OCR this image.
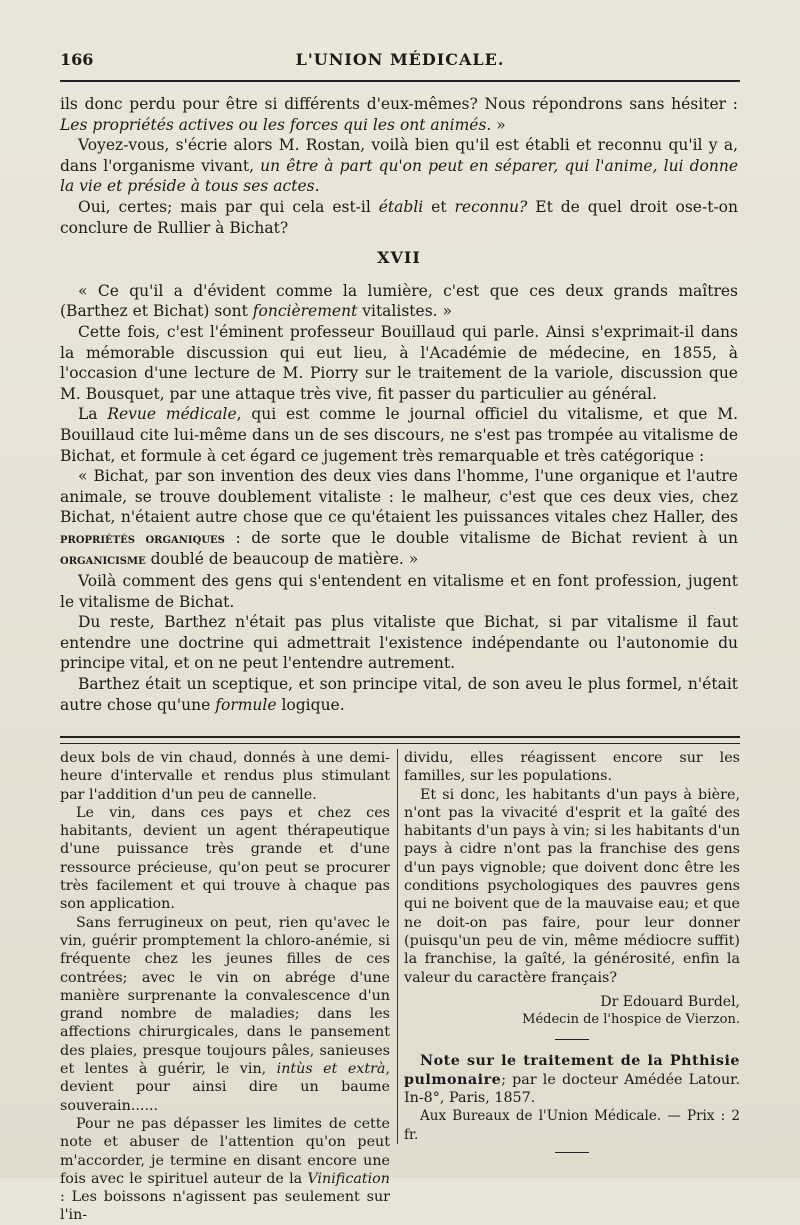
166	L'UNION MÉDICALE.

ils donc perdu pour être si différents d'eux-mêmes? Nous répondrons sans hésiter : Les propriétés actives ou les forces qui les ont animés. »

Voyez-vous, s'écrie alors M. Rostan, voilà bien qu'il est établi et reconnu qu'il y a, dans l'organisme vivant, un être à part qu'on peut en séparer, qui l'anime, lui donne la vie et préside à tous ses actes.

Oui, certes; mais par qui cela est-il établi et reconnu? Et de quel droit ose-t-on conclure de Rullier à Bichat?

XVII

« Ce qu'il a d'évident comme la lumière, c'est que ces deux grands maîtres (Barthez et Bichat) sont foncièrement vitalistes. »

Cette fois, c'est l'éminent professeur Bouillaud qui parle. Ainsi s'exprimait-il dans la mémorable discussion qui eut lieu, à l'Académie de médecine, en 1855, à l'occasion d'une lecture de M. Piorry sur le traitement de la variole, discussion que M. Bousquet, par une attaque très vive, fit passer du particulier au général.

La Revue médicale, qui est comme le journal officiel du vitalisme, et que M. Bouillaud cite lui-même dans un de ses discours, ne s'est pas trompée au vitalisme de Bichat, et formule à cet égard ce jugement très remarquable et très catégorique :

« Bichat, par son invention des deux vies dans l'homme, l'une organique et l'autre animale, se trouve doublement vitaliste : le malheur, c'est que ces deux vies, chez Bichat, n'étaient autre chose que ce qu'étaient les puissances vitales chez Haller, des propriétés organiques : de sorte que le double vitalisme de Bichat revient à un organicisme doublé de beaucoup de matière. »

Voilà comment des gens qui s'entendent en vitalisme et en font profession, jugent le vitalisme de Bichat.

Du reste, Barthez n'était pas plus vitaliste que Bichat, si par vitalisme il faut entendre une doctrine qui admettrait l'existence indépendante ou l'autonomie du principe vital, et on ne peut l'entendre autrement.

Barthez était un sceptique, et son principe vital, de son aveu le plus formel, n'était autre chose qu'une formule logique.

deux bols de vin chaud, donnés à une demi-heure d'intervalle et rendus plus stimulant par l'addition d'un peu de cannelle.

Le vin, dans ces pays et chez ces habitants, devient un agent thérapeutique d'une puissance très grande et d'une ressource précieuse, qu'on peut se procurer très facilement et qui trouve à chaque pas son application.

Sans ferrugineux on peut, rien qu'avec le vin, guérir promptement la chloro-anémie, si fréquente chez les jeunes filles de ces contrées; avec le vin on abrége d'une manière surprenante la convalescence d'un grand nombre de maladies; dans les affections chirurgicales, dans le pansement des plaies, presque toujours pâles, sanieuses et lentes à guérir, le vin, intùs et extrà, devient pour ainsi dire un baume souverain......

Pour ne pas dépasser les limites de cette note et abuser de l'attention qu'on peut m'accorder, je termine en disant encore une fois avec le spirituel auteur de la Vinification : Les boissons n'agissent pas seulement sur l'in-

dividu, elles réagissent encore sur les familles, sur les populations.

Et si donc, les habitants d'un pays à bière, n'ont pas la vivacité d'esprit et la gaîté des habitants d'un pays à vin; si les habitants d'un pays à cidre n'ont pas la franchise des gens d'un pays vignoble; que doivent donc être les conditions psychologiques des pauvres gens qui ne boivent que de la mauvaise eau; et que ne doit-on pas faire, pour leur donner (puisqu'un peu de vin, même médiocre suffit) la franchise, la gaîté, la générosité, enfin la valeur du caractère français?

Dr Edouard Burdel,
Médecin de l'hospice de Vierzon.

Note sur le traitement de la Phthisie pulmonaire; par le docteur Amédée Latour. In-8°, Paris, 1857.

Aux Bureaux de l'Union Médicale. — Prix : 2 fr.
